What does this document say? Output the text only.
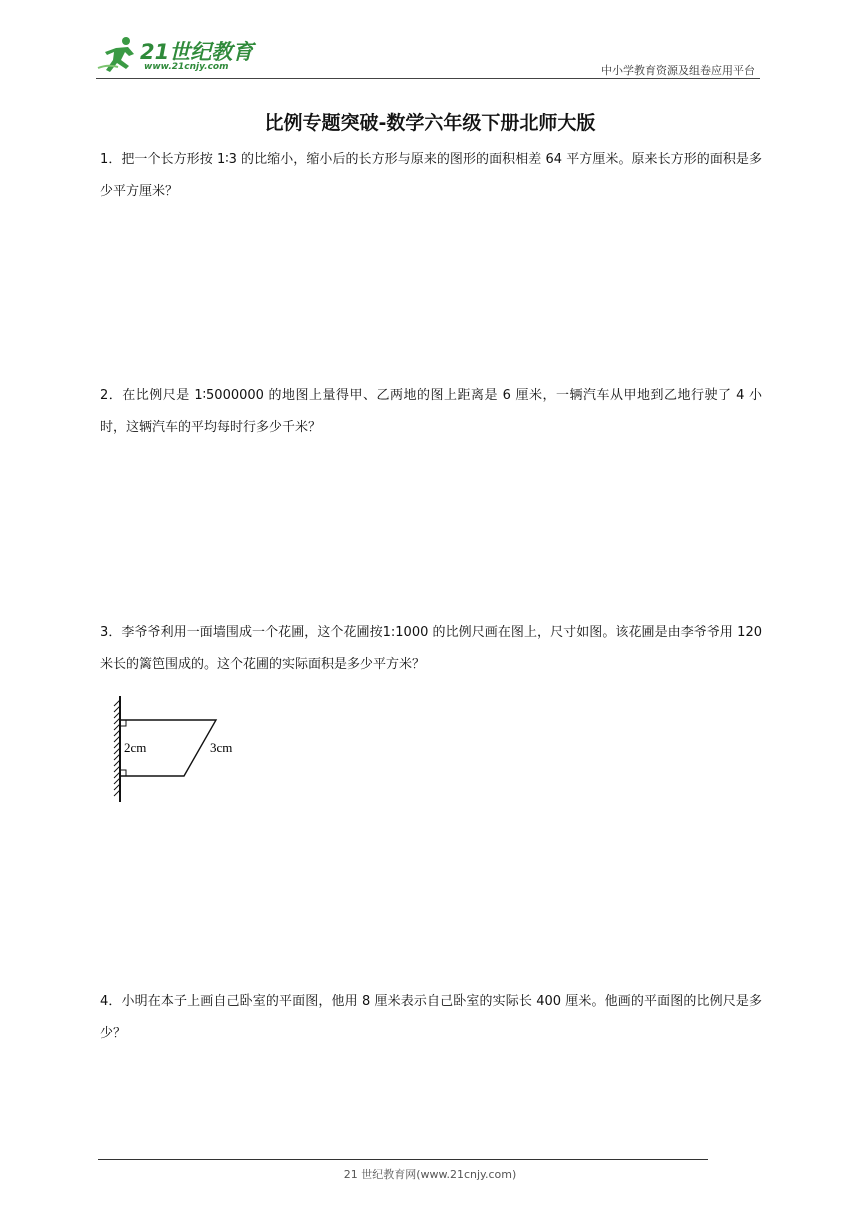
21世纪教育
www.21cnjy.com	中小学教育资源及组卷应用平台
比例专题突破-数学六年级下册北师大版
1．把一个长方形按 1∶3 的比缩小，缩小后的长方形与原来的图形的面积相差 64 平方厘米。原来长方形的面积是多少平方厘米？
2．在比例尺是 1∶5000000 的地图上量得甲、乙两地的图上距离是 6 厘米，一辆汽车从甲地到乙地行驶了 4 小时，这辆汽车的平均每时行多少千米？
3．李爷爷利用一面墙围成一个花圃，这个花圃按1:1000 的比例尺画在图上，尺寸如图。该花圃是由李爷爷用 120 米长的篱笆围成的。这个花圃的实际面积是多少平方米？
2cm	3cm
4．小明在本子上画自己卧室的平面图，他用 8 厘米表示自己卧室的实际长 400 厘米。他画的平面图的比例尺是多少？
21 世纪教育网(www.21cnjy.com)
